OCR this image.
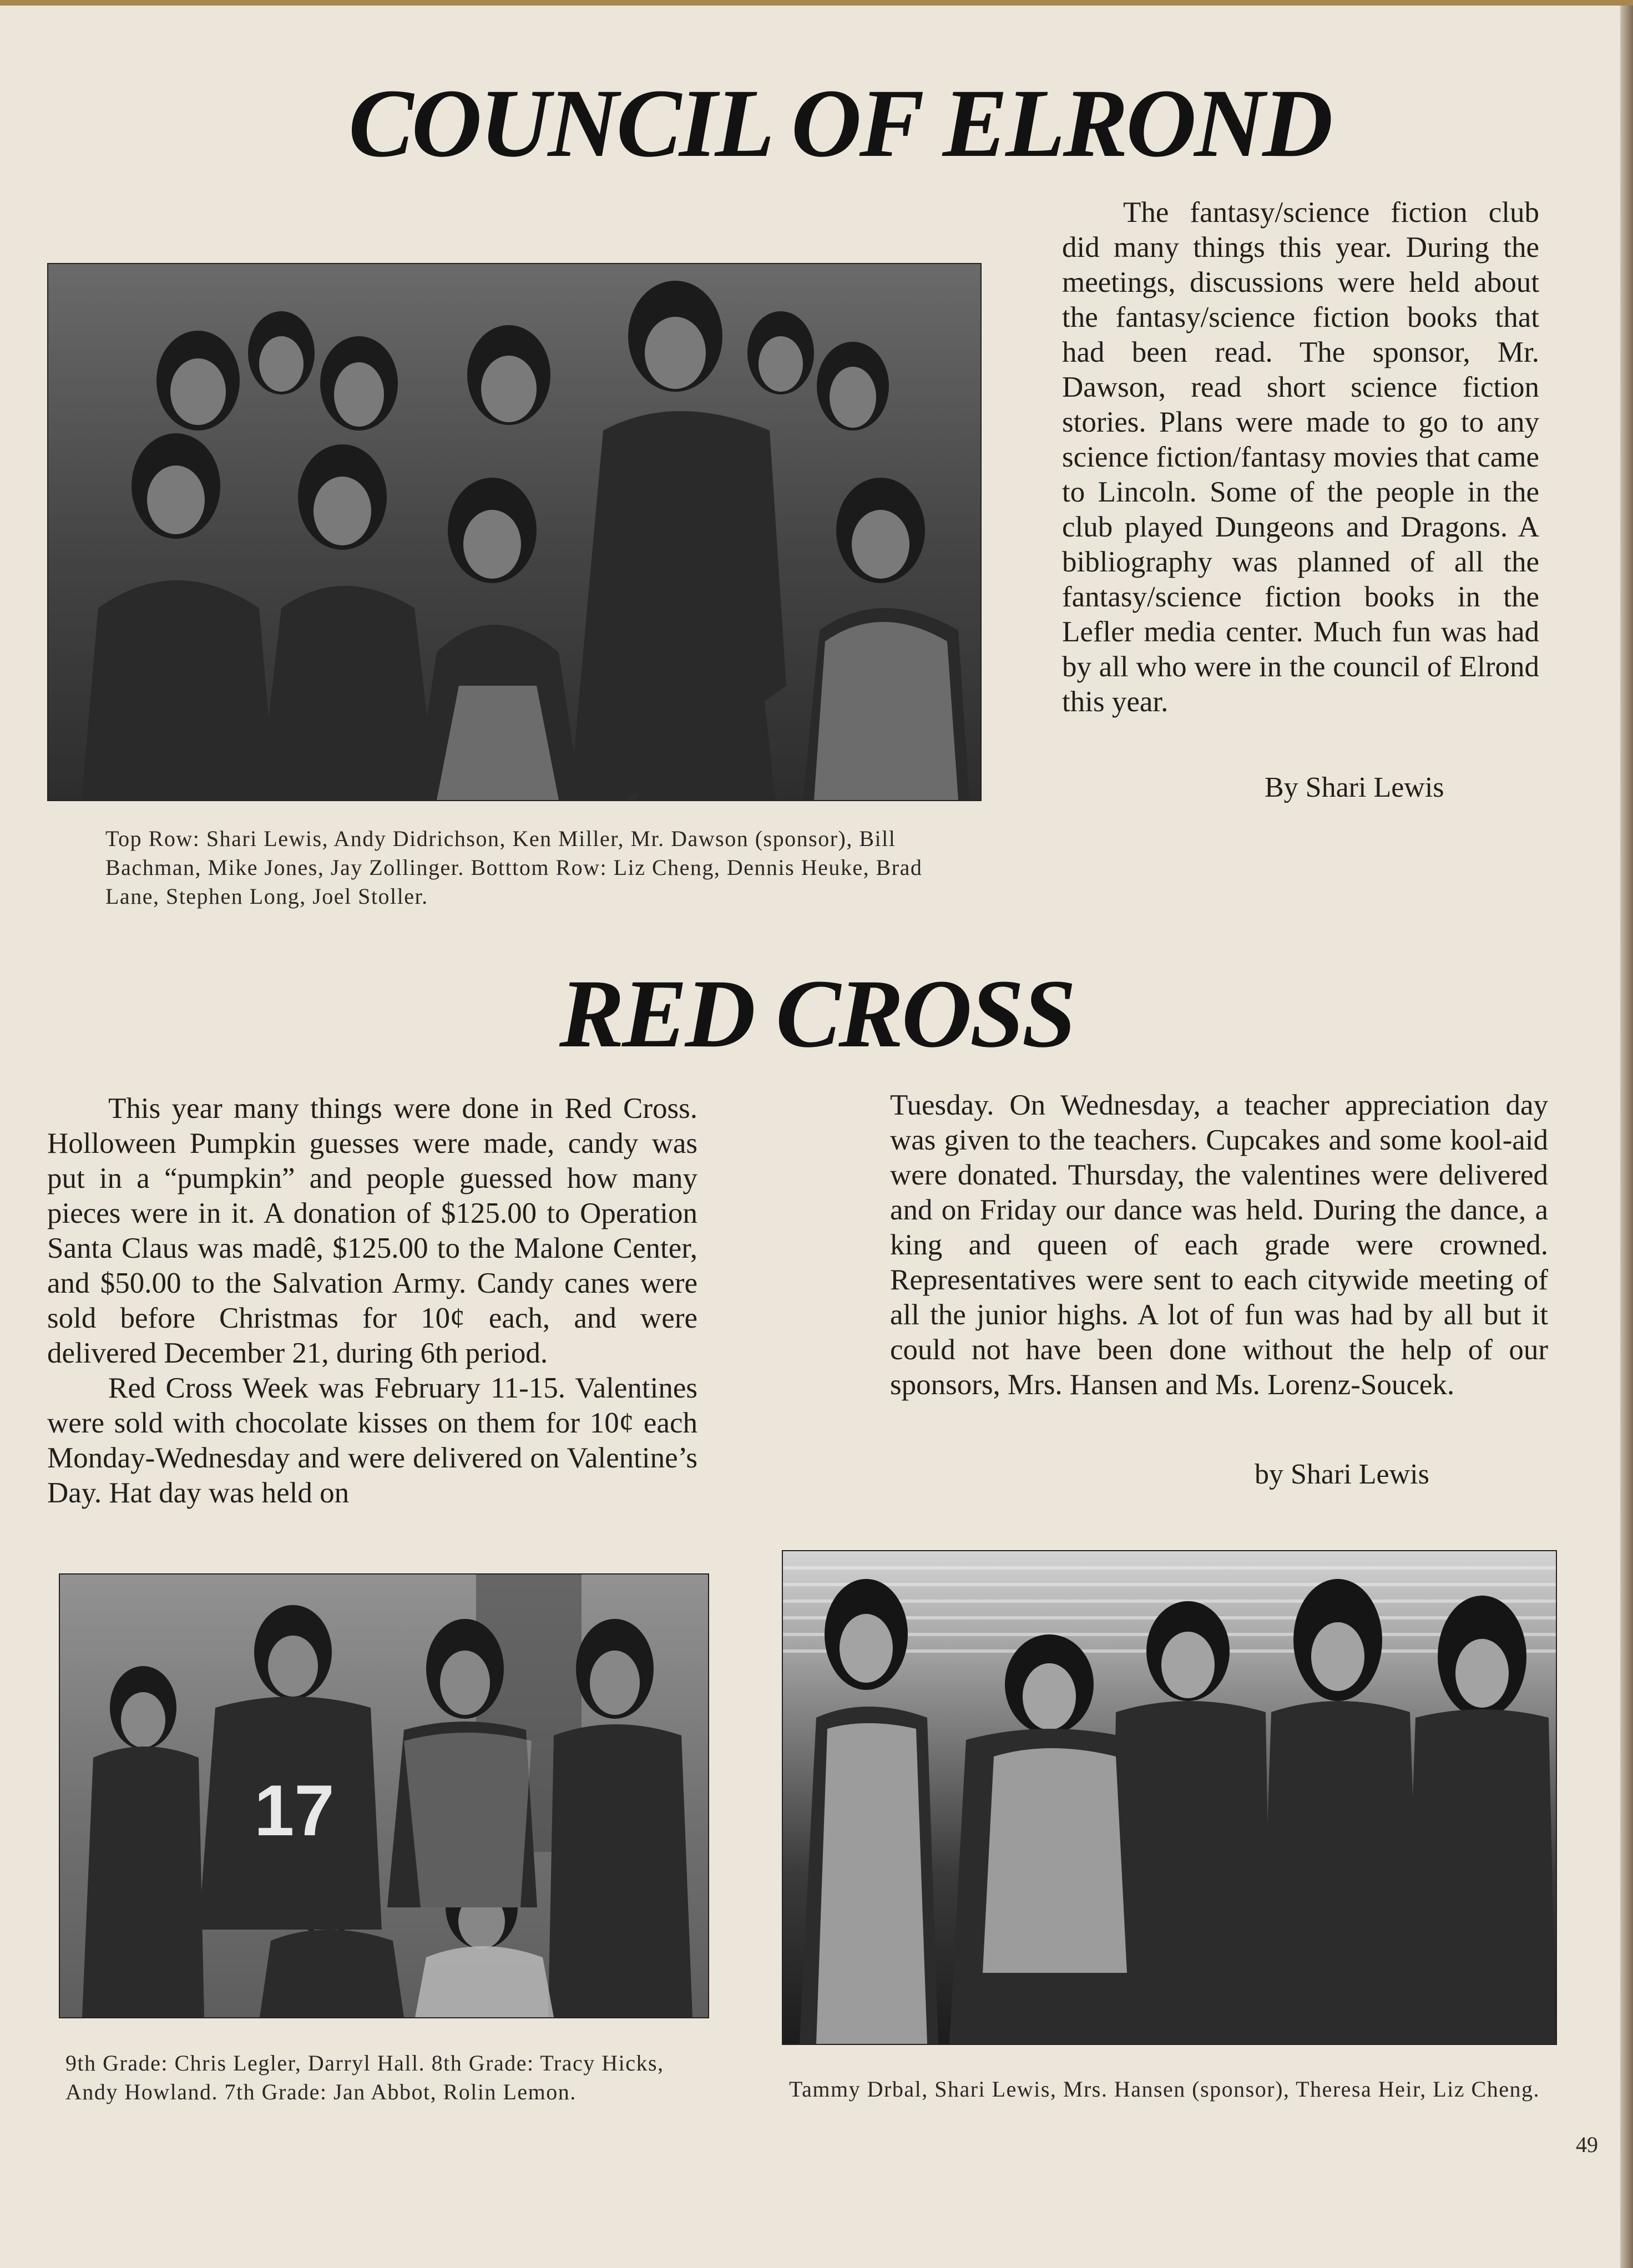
COUNCIL OF ELROND

Top Row: Shari Lewis, Andy Didrichson, Ken Miller, Mr. Dawson (sponsor), Bill Bachman, Mike Jones, Jay Zollinger. Botttom Row: Liz Cheng, Dennis Heuke, Brad Lane, Stephen Long, Joel Stoller.

The fantasy/science fiction club did many things this year. During the meetings, discussions were held about the fantasy/science fiction books that had been read. The sponsor, Mr. Dawson, read short science fiction stories. Plans were made to go to any science fiction/fantasy movies that came to Lincoln. Some of the people in the club played Dungeons and Dragons. A bibliography was planned of all the fantasy/science fiction books in the Lefler media center. Much fun was had by all who were in the council of Elrond this year.

By Shari Lewis

RED CROSS

This year many things were done in Red Cross. Holloween Pumpkin guesses were made, candy was put in a “pumpkin” and people guessed how many pieces were in it. A donation of $125.00 to Operation Santa Claus was madê, $125.00 to the Malone Center, and $50.00 to the Salvation Army. Candy canes were sold before Christmas for 10¢ each, and were delivered December 21, during 6th period.

Red Cross Week was February 11-15. Valentines were sold with chocolate kisses on them for 10¢ each Monday-Wednesday and were delivered on Valentine’s Day. Hat day was held on

Tuesday. On Wednesday, a teacher appreciation day was given to the teachers. Cupcakes and some kool-aid were donated. Thursday, the valentines were delivered and on Friday our dance was held. During the dance, a king and queen of each grade were crowned. Representatives were sent to each citywide meeting of all the junior highs. A lot of fun was had by all but it could not have been done without the help of our sponsors, Mrs. Hansen and Ms. Lorenz-Soucek.

by Shari Lewis

17

9th Grade: Chris Legler, Darryl Hall. 8th Grade: Tracy Hicks, Andy Howland. 7th Grade: Jan Abbot, Rolin Lemon.	Tammy Drbal, Shari Lewis, Mrs. Hansen (sponsor), Theresa Heir, Liz Cheng.

49
